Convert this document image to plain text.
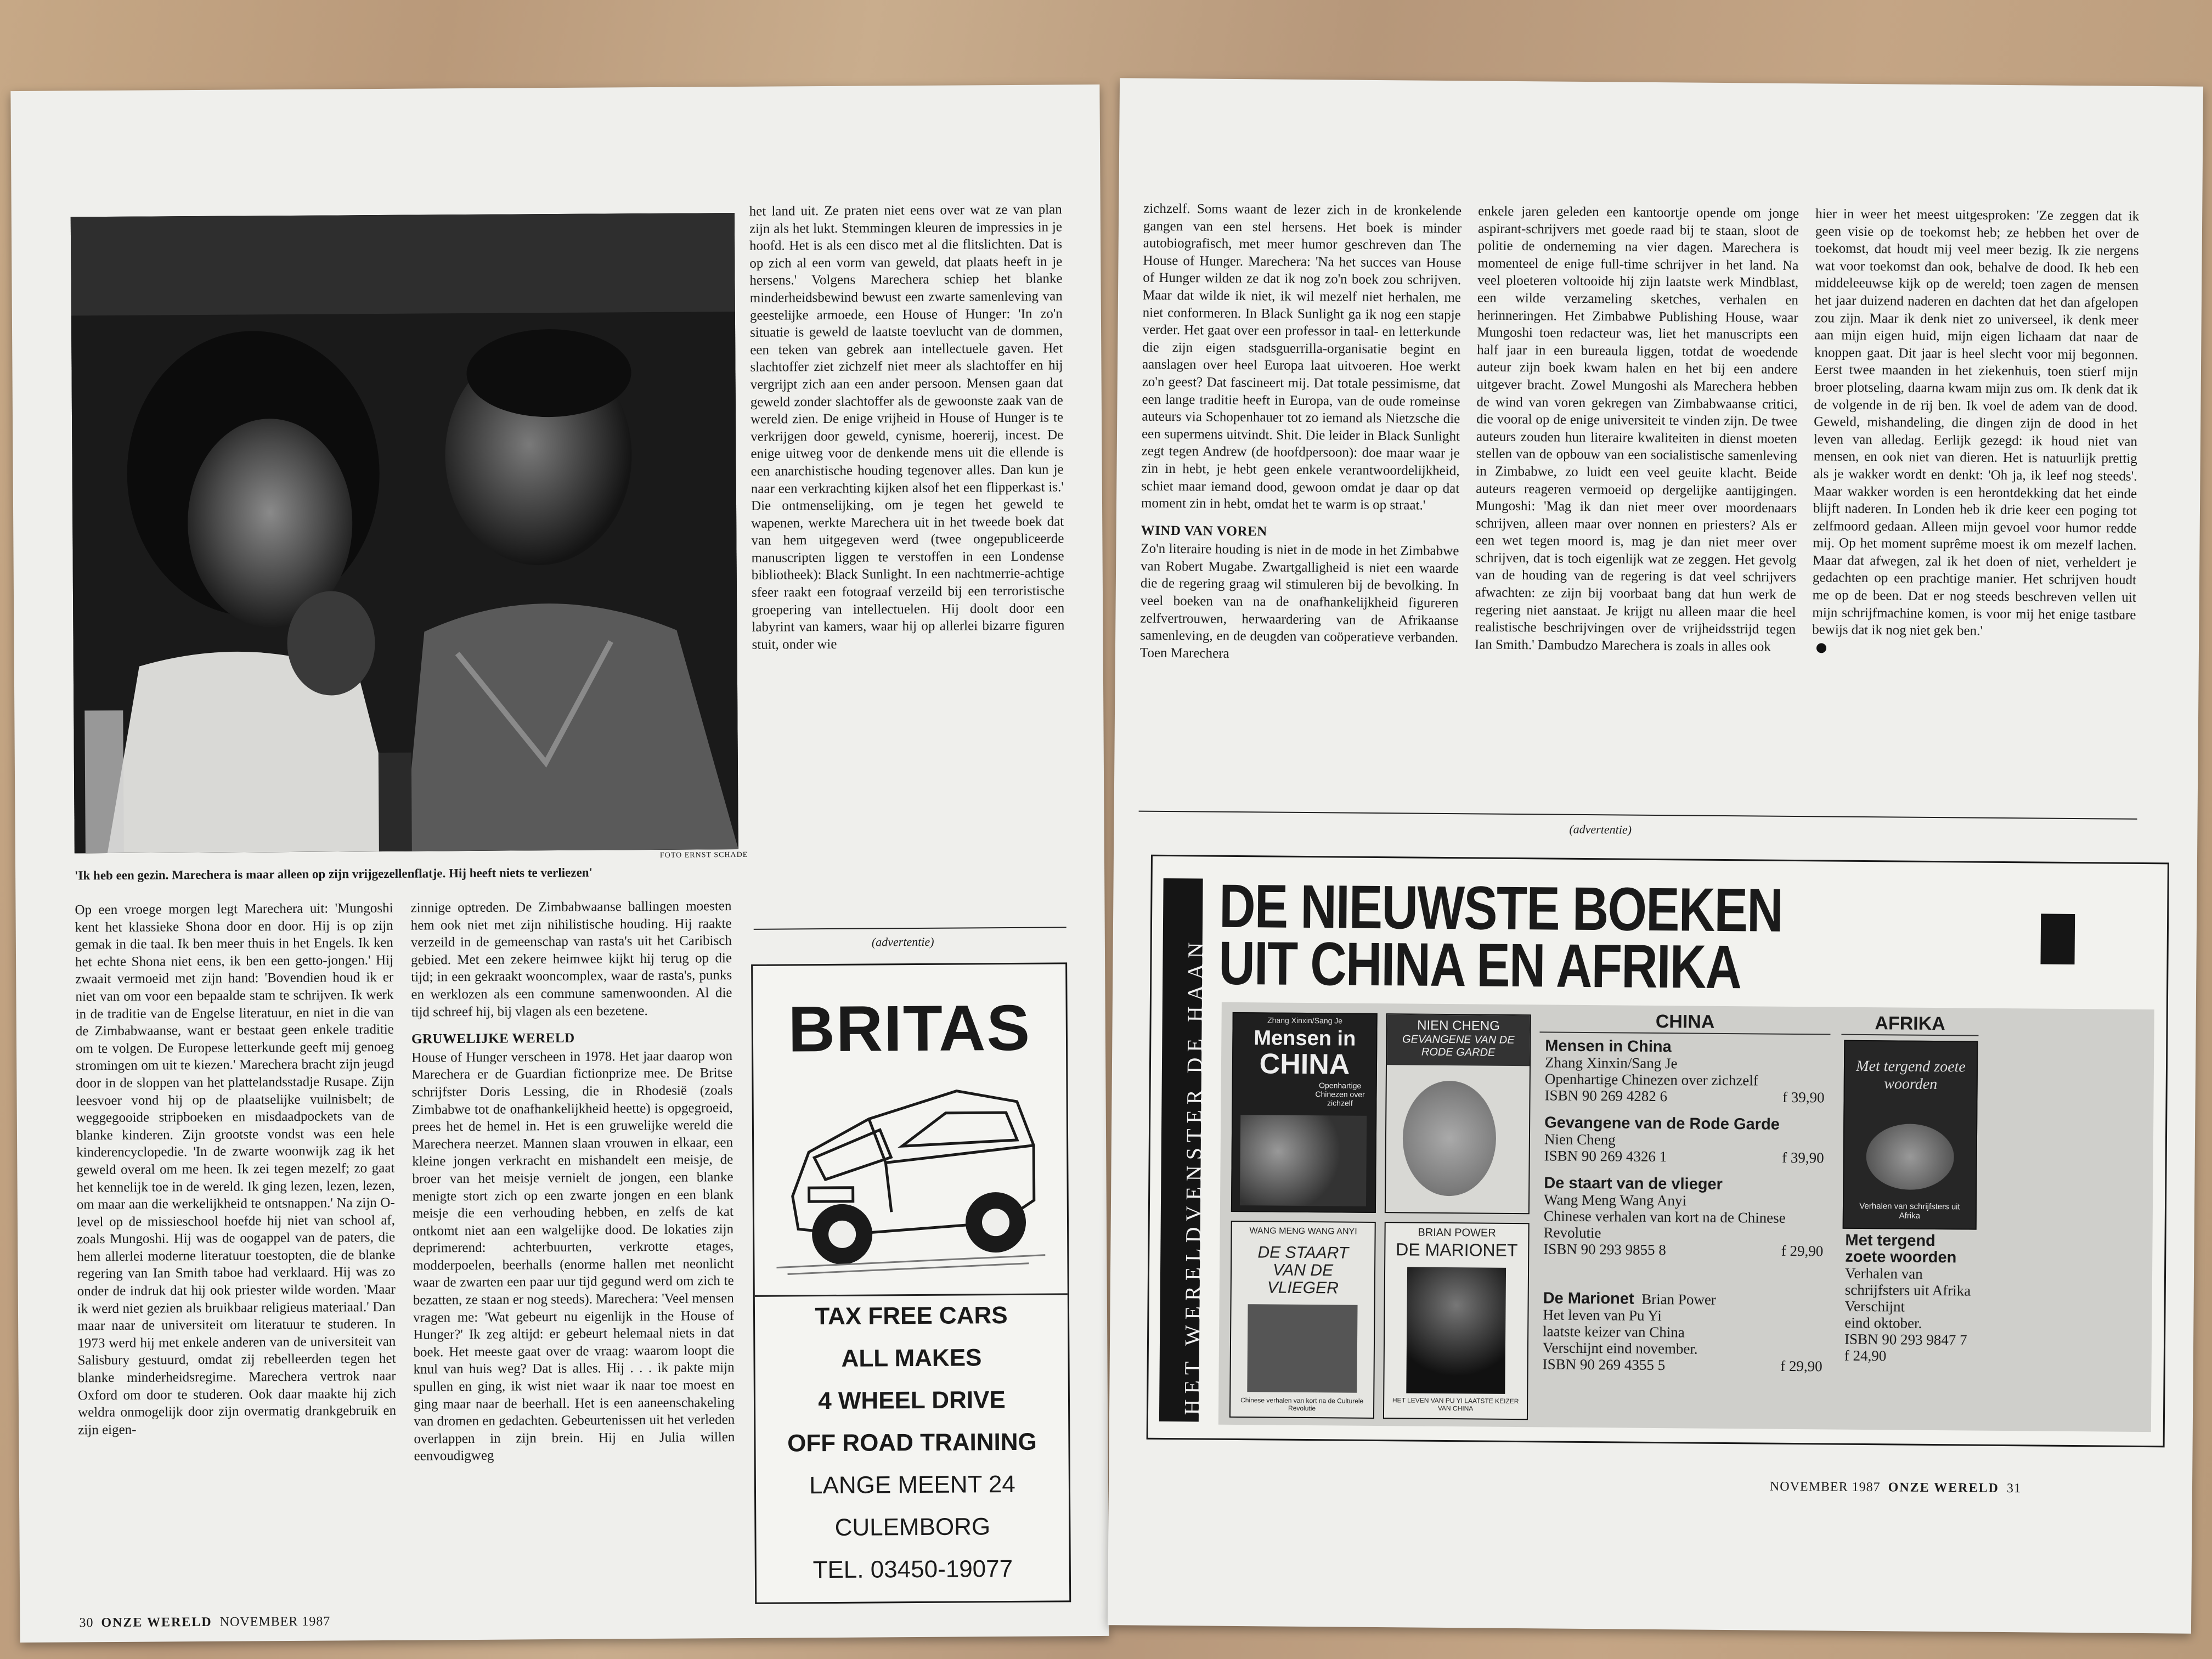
FOTO ERNST SCHADE
'Ik heb een gezin. Marechera is maar alleen op zijn vrijgezellenflatje. Hij heeft niets te verliezen'

het land uit. Ze praten niet eens over wat ze van plan zijn als het lukt. Stemmingen kleuren de impressies in je hoofd. Het is als een disco met al die flitslichten. Dat is op zich al een vorm van geweld, dat plaats heeft in je hersens.' Volgens Marechera schiep het blanke minderheidsbewind bewust een zwarte samenleving van geestelijke armoede, een House of Hunger: 'In zo'n situatie is geweld de laatste toevlucht van de dommen, een teken van gebrek aan intellectuele gaven. Het slachtoffer ziet zichzelf niet meer als slachtoffer en hij vergrijpt zich aan een ander persoon. Mensen gaan dat geweld zonder slachtoffer als de gewoonste zaak van de wereld zien. De enige vrijheid in House of Hunger is te verkrijgen door geweld, cynisme, hoererij, incest. De enige uitweg voor de denkende mens uit die ellende is een anarchistische houding tegenover alles. Dan kun je naar een verkrachting kijken alsof het een flipperkast is.' Die ontmenselijking, om je tegen het geweld te wapenen, werkte Marechera uit in het tweede boek dat van hem uitgegeven werd (twee ongepubliceerde manuscripten liggen te verstoffen in een Londense bibliotheek): Black Sunlight. In een nachtmerrie-achtige sfeer raakt een fotograaf verzeild bij een terroristische groepering van intellectuelen. Hij doolt door een labyrint van kamers, waar hij op allerlei bizarre figuren stuit, onder wie

Op een vroege morgen legt Marechera uit: 'Mungoshi kent het klassieke Shona door en door. Hij is op zijn gemak in die taal. Ik ben meer thuis in het Engels. Ik ken het echte Shona niet eens, ik ben een getto-jongen.' Hij zwaait vermoeid met zijn hand: 'Bovendien houd ik er niet van om voor een bepaalde stam te schrijven. Ik werk in de traditie van de Engelse literatuur, en niet in die van de Zimbabwaanse, want er bestaat geen enkele traditie om te volgen. De Europese letterkunde geeft mij genoeg stromingen om uit te kiezen.' Marechera bracht zijn jeugd door in de sloppen van het plattelandsstadje Rusape. Zijn leesvoer vond hij op de plaatselijke vuilnisbelt; de weggegooide stripboeken en misdaadpockets van de blanke kinderen. Zijn grootste vondst was een hele kinderencyclopedie. 'In de zwarte woonwijk zag ik het geweld overal om me heen. Ik zei tegen mezelf; zo gaat het kennelijk toe in de wereld. Ik ging lezen, lezen, lezen, om maar aan die werkelijkheid te ontsnappen.' Na zijn O-level op de missieschool hoefde hij niet van school af, zoals Mungoshi. Hij was de oogappel van de paters, die hem allerlei moderne literatuur toestopten, die de blanke regering van Ian Smith taboe had verklaard. Hij was zo onder de indruk dat hij ook priester wilde worden. 'Maar ik werd niet gezien als bruikbaar religieus materiaal.' Dan maar naar de universiteit om literatuur te studeren. In 1973 werd hij met enkele anderen van de universiteit van Salisbury gestuurd, omdat zij rebelleerden tegen het blanke minderheidsregime. Marechera vertrok naar Oxford om door te studeren. Ook daar maakte hij zich weldra onmogelijk door zijn overmatig drankgebruik en zijn eigen-

zinnige optreden. De Zimbabwaanse ballingen moesten hem ook niet met zijn nihilistische houding. Hij raakte verzeild in de gemeenschap van rasta's uit het Caribisch gebied. Met een zekere heimwee kijkt hij terug op die tijd; in een gekraakt wooncomplex, waar de rasta's, punks en werklozen als een commune samenwoonden. Al die tijd schreef hij, bij vlagen als een bezetene.

GRUWELIJKE WERELD

House of Hunger verscheen in 1978. Het jaar daarop won Marechera er de Guardian fictionprize mee. De Britse schrijfster Doris Lessing, die in Rhodesië (zoals Zimbabwe tot de onafhankelijkheid heette) is opgegroeid, prees het de hemel in. Het is een gruwelijke wereld die Marechera neerzet. Mannen slaan vrouwen in elkaar, een kleine jongen verkracht en mishandelt een meisje, de broer van het meisje vernielt de jongen, een blanke menigte stort zich op een zwarte jongen en een blank meisje die een verhouding hebben, en zelfs de kat ontkomt niet aan een walgelijke dood. De lokaties zijn deprimerend: achterbuurten, verkrotte etages, modderpoelen, beerhalls (enorme hallen met neonlicht waar de zwarten een paar uur tijd gegund werd om zich te bezatten, ze staan er nog steeds). Marechera: 'Veel mensen vragen me: 'Wat gebeurt nu eigenlijk in the House of Hunger?' Ik zeg altijd: er gebeurt helemaal niets in dat boek. Het meeste gaat over de vraag: waarom loopt die knul van huis weg? Dat is alles. Hij . . . ik pakte mijn spullen en ging, ik wist niet waar ik naar toe moest en ging maar naar de beerhall. Het is een aaneenschakeling van dromen en gedachten. Gebeurtenissen uit het verleden overlappen in zijn brein. Hij en Julia willen eenvoudigweg

(advertentie)
BRITAS
TAX FREE CARS
ALL MAKES
4 WHEEL DRIVE
OFF ROAD TRAINING
LANGE MEENT 24
CULEMBORG
TEL. 03450-19077
30 ONZE WERELD NOVEMBER 1987

zichzelf. Soms waant de lezer zich in de kronkelende gangen van een stel hersens. Het boek is minder autobiografisch, met meer humor geschreven dan The House of Hunger. Marechera: 'Na het succes van House of Hunger wilden ze dat ik nog zo'n boek zou schrijven. Maar dat wilde ik niet, ik wil mezelf niet herhalen, me niet conformeren. In Black Sunlight ga ik nog een stapje verder. Het gaat over een professor in taal- en letterkunde die zijn eigen stadsguerrilla-organisatie begint en aanslagen over heel Europa laat uitvoeren. Hoe werkt zo'n geest? Dat fascineert mij. Dat totale pessimisme, dat een lange traditie heeft in Europa, van de oude romeinse auteurs via Schopenhauer tot zo iemand als Nietzsche die een supermens uitvindt. Shit. Die leider in Black Sunlight zegt tegen Andrew (de hoofdpersoon): doe maar waar je zin in hebt, je hebt geen enkele verantwoordelijkheid, schiet maar iemand dood, gewoon omdat je daar op dat moment zin in hebt, omdat het te warm is op straat.'

WIND VAN VOREN

Zo'n literaire houding is niet in de mode in het Zimbabwe van Robert Mugabe. Zwartgalligheid is niet een waarde die de regering graag wil stimuleren bij de bevolking. In veel boeken van na de onafhankelijkheid figureren zelfvertrouwen, herwaardering van de Afrikaanse samenleving, en de deugden van coöperatieve verbanden. Toen Marechera

enkele jaren geleden een kantoortje opende om jonge aspirant-schrijvers met goede raad bij te staan, sloot de politie de onderneming na vier dagen. Marechera is momenteel de enige full-time schrijver in het land. Na veel ploeteren voltooide hij zijn laatste werk Mindblast, een wilde verzameling sketches, verhalen en herinneringen. Het Zimbabwe Publishing House, waar Mungoshi toen redacteur was, liet het manuscripts een half jaar in een bureaula liggen, totdat de woedende auteur zijn boek kwam halen en het bij een andere uitgever bracht. Zowel Mungoshi als Marechera hebben de wind van voren gekregen van Zimbabwaanse critici, die vooral op de enige universiteit te vinden zijn. De twee auteurs zouden hun literaire kwaliteiten in dienst moeten stellen van de opbouw van een socialistische samenleving in Zimbabwe, zo luidt een veel geuite klacht. Beide auteurs reageren vermoeid op dergelijke aantijgingen. Mungoshi: 'Mag ik dan niet meer over moordenaars schrijven, alleen maar over nonnen en priesters? Als er een wet tegen moord is, mag je dan niet meer over schrijven, dat is toch eigenlijk wat ze zeggen. Het gevolg van de houding van de regering is dat veel schrijvers afwachten: ze zijn bij voorbaat bang dat hun werk de regering niet aanstaat. Je krijgt nu alleen maar die heel realistische beschrijvingen over de vrijheidsstrijd tegen Ian Smith.' Dambudzo Marechera is zoals in alles ook

hier in weer het meest uitgesproken: 'Ze zeggen dat ik geen visie op de toekomst heb; ze hebben het over de toekomst, dat houdt mij veel meer bezig. Ik zie nergens wat voor toekomst dan ook, behalve de dood. Ik heb een middeleeuwse kijk op de wereld; toen zagen de mensen het jaar duizend naderen en dachten dat het dan afgelopen zou zijn. Maar ik denk niet zo universeel, ik denk meer aan mijn eigen huid, mijn eigen lichaam dat naar de knoppen gaat. Dit jaar is heel slecht voor mij begonnen. Eerst twee maanden in het ziekenhuis, toen stierf mijn broer plotseling, daarna kwam mijn zus om. Ik denk dat ik de volgende in de rij ben. Ik voel de adem van de dood. Geweld, mishandeling, die dingen zijn de dood in het leven van alledag. Eerlijk gezegd: ik houd niet van mensen, en ook niet van dieren. Het is natuurlijk prettig als je wakker wordt en denkt: 'Oh ja, ik leef nog steeds'. Maar wakker worden is een herontdekking dat het einde blijft naderen. In Londen heb ik drie keer een poging tot zelfmoord gedaan. Alleen mijn gevoel voor humor redde mij. Op het moment suprême moest ik om mezelf lachen. Maar dat afwegen, zal ik het doen of niet, verheldert je gedachten op een prachtige manier. Het schrijven houdt me op de been. Dat er nog steeds beschreven vellen uit mijn schrijfmachine komen, is voor mij het enige tastbare bewijs dat ik nog niet gek ben.'

(advertentie)
HET WERELDVENSTER DE HAAN
DE NIEUWSTE BOEKEN
UIT CHINA EN AFRIKA
Zhang Xinxin/Sang Je
Mensen in
CHINA
Openhartige Chinezen over zichzelf
NIEN CHENG
GEVANGENE VAN DE RODE GARDE
WANG MENG WANG ANYI
DE STAART VAN DE VLIEGER
Chinese verhalen van kort na de Culturele Revolutie
BRIAN POWER
DE MARIONET
HET LEVEN VAN PU YI LAATSTE KEIZER VAN CHINA
CHINA
Mensen in China
Zhang Xinxin/Sang Je
Openhartige Chinezen over zichzelf
ISBN 90 269 4282 6	f 39,90
Gevangene van de Rode Garde
Nien Cheng
ISBN 90 269 4326 1	f 39,90
De staart van de vlieger
Wang Meng Wang Anyi
Chinese verhalen van kort na de Chinese Revolutie
ISBN 90 293 9855 8	f 29,90
De Marionet Brian Power
Het leven van Pu Yi
laatste keizer van China
Verschijnt eind november.
ISBN 90 269 4355 5	f 29,90
AFRIKA
Met tergend zoete woorden
Verhalen van schrijfsters uit Afrika
Met tergend
zoete woorden
Verhalen van
schrijfsters uit Afrika
Verschijnt
eind oktober.
ISBN 90 293 9847 7
f 24,90
NOVEMBER 1987 ONZE WERELD 31
